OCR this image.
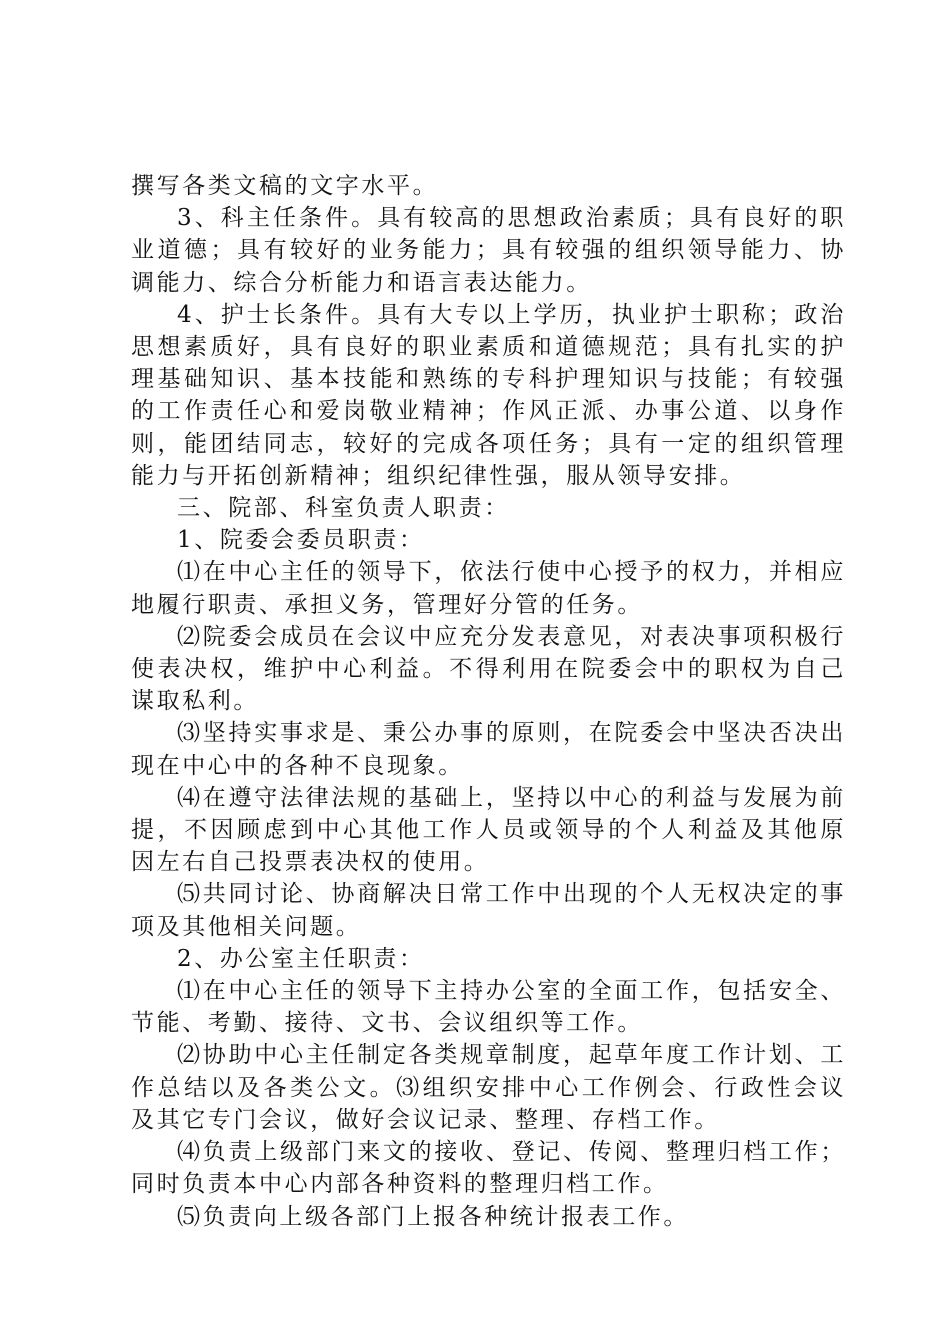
撰写各类文稿的文字水平。

3、科主任条件。具有较高的思想政治素质；具有良好的职业道德；具有较好的业务能力；具有较强的组织领导能力、协调能力、综合分析能力和语言表达能力。

4、护士长条件。具有大专以上学历，执业护士职称；政治思想素质好，具有良好的职业素质和道德规范；具有扎实的护理基础知识、基本技能和熟练的专科护理知识与技能；有较强的工作责任心和爱岗敬业精神；作风正派、办事公道、以身作则，能团结同志，较好的完成各项任务；具有一定的组织管理能力与开拓创新精神；组织纪律性强，服从领导安排。

三、院部、科室负责人职责：

1、院委会委员职责：

⑴在中心主任的领导下，依法行使中心授予的权力，并相应地履行职责、承担义务，管理好分管的任务。

⑵院委会成员在会议中应充分发表意见，对表决事项积极行使表决权，维护中心利益。不得利用在院委会中的职权为自己谋取私利。

⑶坚持实事求是、秉公办事的原则，在院委会中坚决否决出现在中心中的各种不良现象。

⑷在遵守法律法规的基础上，坚持以中心的利益与发展为前提，不因顾虑到中心其他工作人员或领导的个人利益及其他原因左右自己投票表决权的使用。

⑸共同讨论、协商解决日常工作中出现的个人无权决定的事项及其他相关问题。

2、办公室主任职责：

⑴在中心主任的领导下主持办公室的全面工作，包括安全、节能、考勤、接待、文书、会议组织等工作。

⑵协助中心主任制定各类规章制度，起草年度工作计划、工作总结以及各类公文。⑶组织安排中心工作例会、行政性会议及其它专门会议，做好会议记录、整理、存档工作。

⑷负责上级部门来文的接收、登记、传阅、整理归档工作；同时负责本中心内部各种资料的整理归档工作。

⑸负责向上级各部门上报各种统计报表工作。
